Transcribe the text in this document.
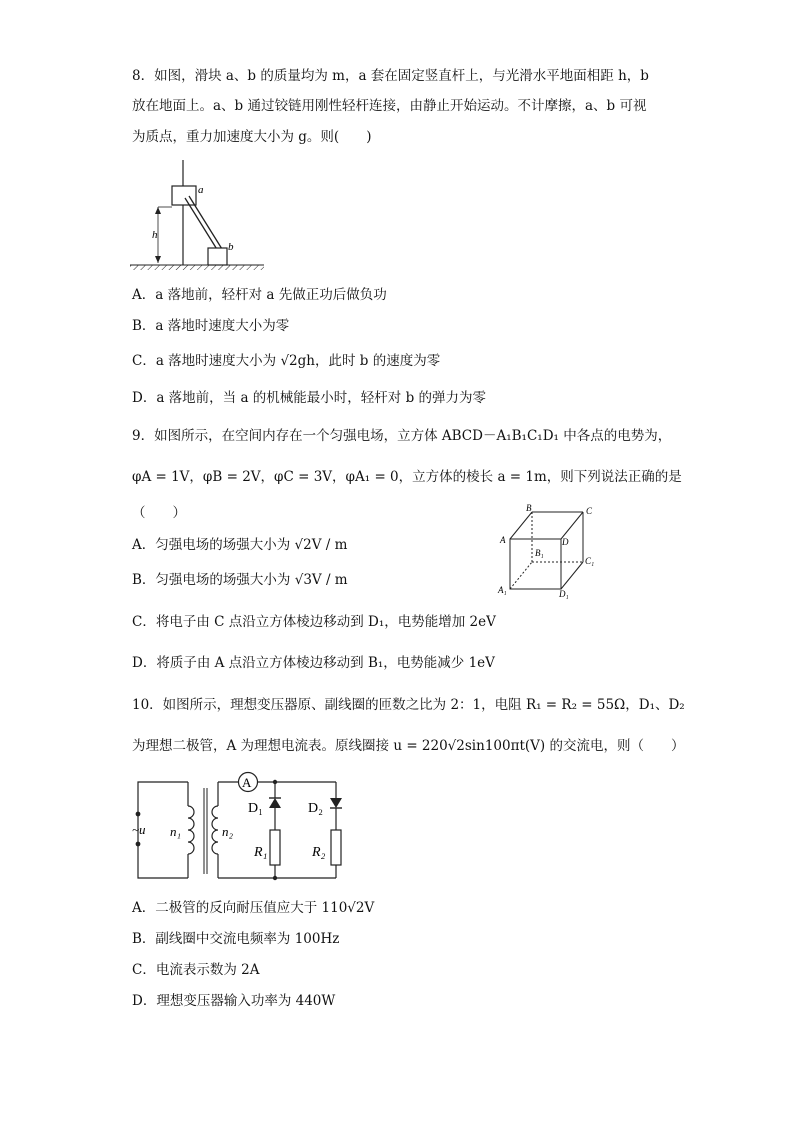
8．如图，滑块 a、b 的质量均为 m，a 套在固定竖直杆上，与光滑水平地面相距 h，b
放在地面上。a、b 通过铰链用刚性轻杆连接，由静止开始运动。不计摩擦，a、b 可视
为质点，重力加速度大小为 g。则(　　)
a
b
h
A．a 落地前，轻杆对 a 先做正功后做负功
B．a 落地时速度大小为零
C．a 落地时速度大小为 √2gh，此时 b 的速度为零
D．a 落地前，当 a 的机械能最小时，轻杆对 b 的弹力为零
9．如图所示，在空间内存在一个匀强电场，立方体 ABCD－A₁B₁C₁D₁ 中各点的电势为，
φA = 1V，φB = 2V，φC = 3V，φA₁ = 0，立方体的棱长 a = 1m，则下列说法正确的是
（　　）	B	C
A	D
B₁
C₁
A₁	D₁
A．匀强电场的场强大小为 √2V / m
B．匀强电场的场强大小为 √3V / m
C．将电子由 C 点沿立方体棱边移动到 D₁，电势能增加 2eV
D．将质子由 A 点沿立方体棱边移动到 B₁，电势能减少 1eV
10．如图所示，理想变压器原、副线圈的匝数之比为 2：1，电阻 R₁ = R₂ = 55Ω，D₁、D₂
为理想二极管，A 为理想电流表。原线圈接 u = 220√2sin100πt(V) 的交流电，则（　　）
A
~u n₁	n₂
D₁	D₂
R₁	R₂
A．二极管的反向耐压值应大于 110√2V
B．副线圈中交流电频率为 100Hz
C．电流表示数为 2A
D．理想变压器输入功率为 440W
